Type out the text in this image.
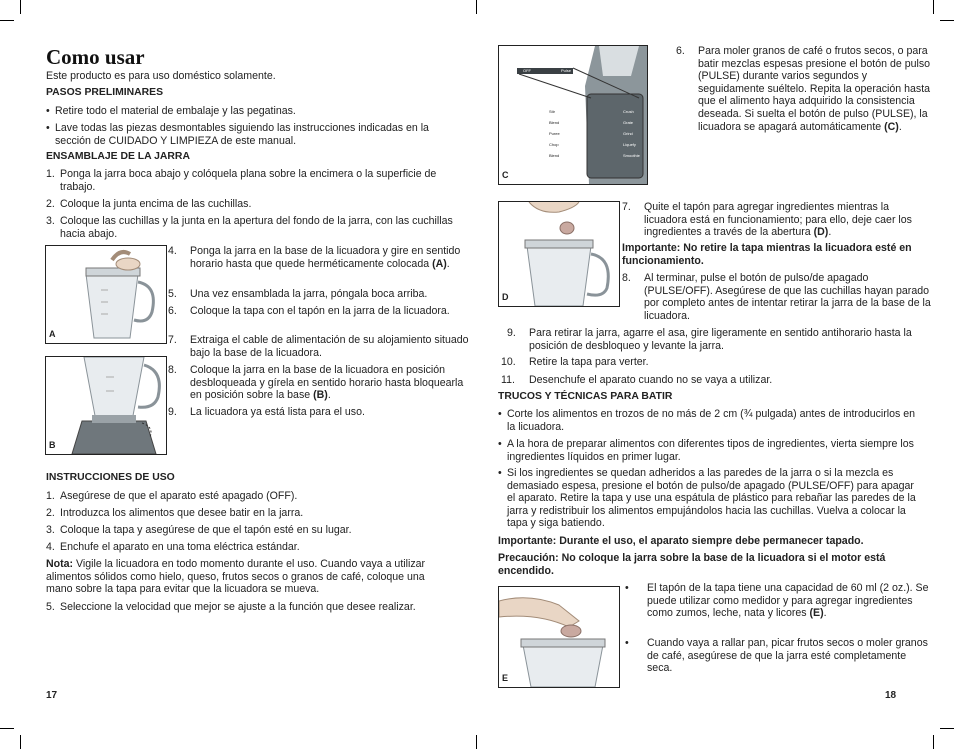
Como usar
Este producto es para uso doméstico solamente.
PASOS PRELIMINARES
• Retire todo el material de embalaje y las pegatinas.
• Lave todas las piezas desmontables siguiendo las instrucciones indicadas en la sección de CUIDADO Y LIMPIEZA de este manual.
ENSAMBLAJE DE LA JARRA
1. Ponga la jarra boca abajo y colóquela plana sobre la encimera o la superficie de trabajo.
2. Coloque la junta encima de las cuchillas.
3. Coloque las cuchillas y la junta en la apertura del fondo de la jarra, con las cuchillas hacia abajo.
A
B
4. Ponga la jarra en la base de la licuadora y gire en sentido horario hasta que quede herméticamente colocada (A).
5. Una vez ensamblada la jarra, póngala boca arriba.
6. Coloque la tapa con el tapón en la jarra de la licuadora.
7. Extraiga el cable de alimentación de su alojamiento situado bajo la base de la licuadora.
8. Coloque la jarra en la base de la licuadora en posición desbloqueada y gírela en sentido horario hasta bloquearla en posición sobre la base (B).
9. La licuadora ya está lista para el uso.
INSTRUCCIONES DE USO
1. Asegúrese de que el aparato esté apagado (OFF).
2. Introduzca los alimentos que desee batir en la jarra.
3. Coloque la tapa y asegúrese de que el tapón esté en su lugar.
4. Enchufe el aparato en una toma eléctrica estándar.
Nota: Vigile la licuadora en todo momento durante el uso. Cuando vaya a utilizar alimentos sólidos como hielo, queso, frutos secos o granos de café, coloque una mano sobre la tapa para evitar que la licuadora se mueva.
5. Seleccione la velocidad que mejor se ajuste a la función que desee realizar.
17
OFF	Pulse
Stir
Blend
Puree
Chop
Blend
Crush
Grate
Grind
Liquefy
Smoothie
C
6. Para moler granos de café o frutos secos, o para batir mezclas espesas presione el botón de pulso (PULSE) durante varios segundos y seguidamente suéltelo. Repita la operación hasta que el alimento haya adquirido la consistencia deseada. Si suelta el botón de pulso (PULSE), la licuadora se apagará automáticamente (C).
D
7. Quite el tapón para agregar ingredientes mientras la licuadora está en funcionamiento; para ello, deje caer los ingredientes a través de la abertura (D).
Importante: No retire la tapa mientras la licuadora esté en funcionamiento.
8. Al terminar, pulse el botón de pulso/de apagado (PULSE/OFF). Asegúrese de que las cuchillas hayan parado por completo antes de intentar retirar la jarra de la base de la licuadora.
9. Para retirar la jarra, agarre el asa, gire ligeramente en sentido antihorario hasta la posición de desbloqueo y levante la jarra.
10. Retire la tapa para verter.
11. Desenchufe el aparato cuando no se vaya a utilizar.
TRUCOS Y TÉCNICAS PARA BATIR
• Corte los alimentos en trozos de no más de 2 cm (¾ pulgada) antes de introducirlos en la licuadora.
• A la hora de preparar alimentos con diferentes tipos de ingredientes, vierta siempre los ingredientes líquidos en primer lugar.
• Si los ingredientes se quedan adheridos a las paredes de la jarra o si la mezcla es demasiado espesa, presione el botón de pulso/de apagado (PULSE/OFF) para apagar el aparato. Retire la tapa y use una espátula de plástico para rebañar las paredes de la jarra y redistribuir los alimentos empujándolos hacia las cuchillas. Vuelva a colocar la tapa y siga batiendo.
Importante: Durante el uso, el aparato siempre debe permanecer tapado.
Precaución: No coloque la jarra sobre la base de la licuadora si el motor está encendido.
E
• El tapón de la tapa tiene una capacidad de 60 ml (2 oz.). Se puede utilizar como medidor y para agregar ingredientes como zumos, leche, nata y licores (E).
• Cuando vaya a rallar pan, picar frutos secos o moler granos de café, asegúrese de que la jarra esté completamente seca.
18
